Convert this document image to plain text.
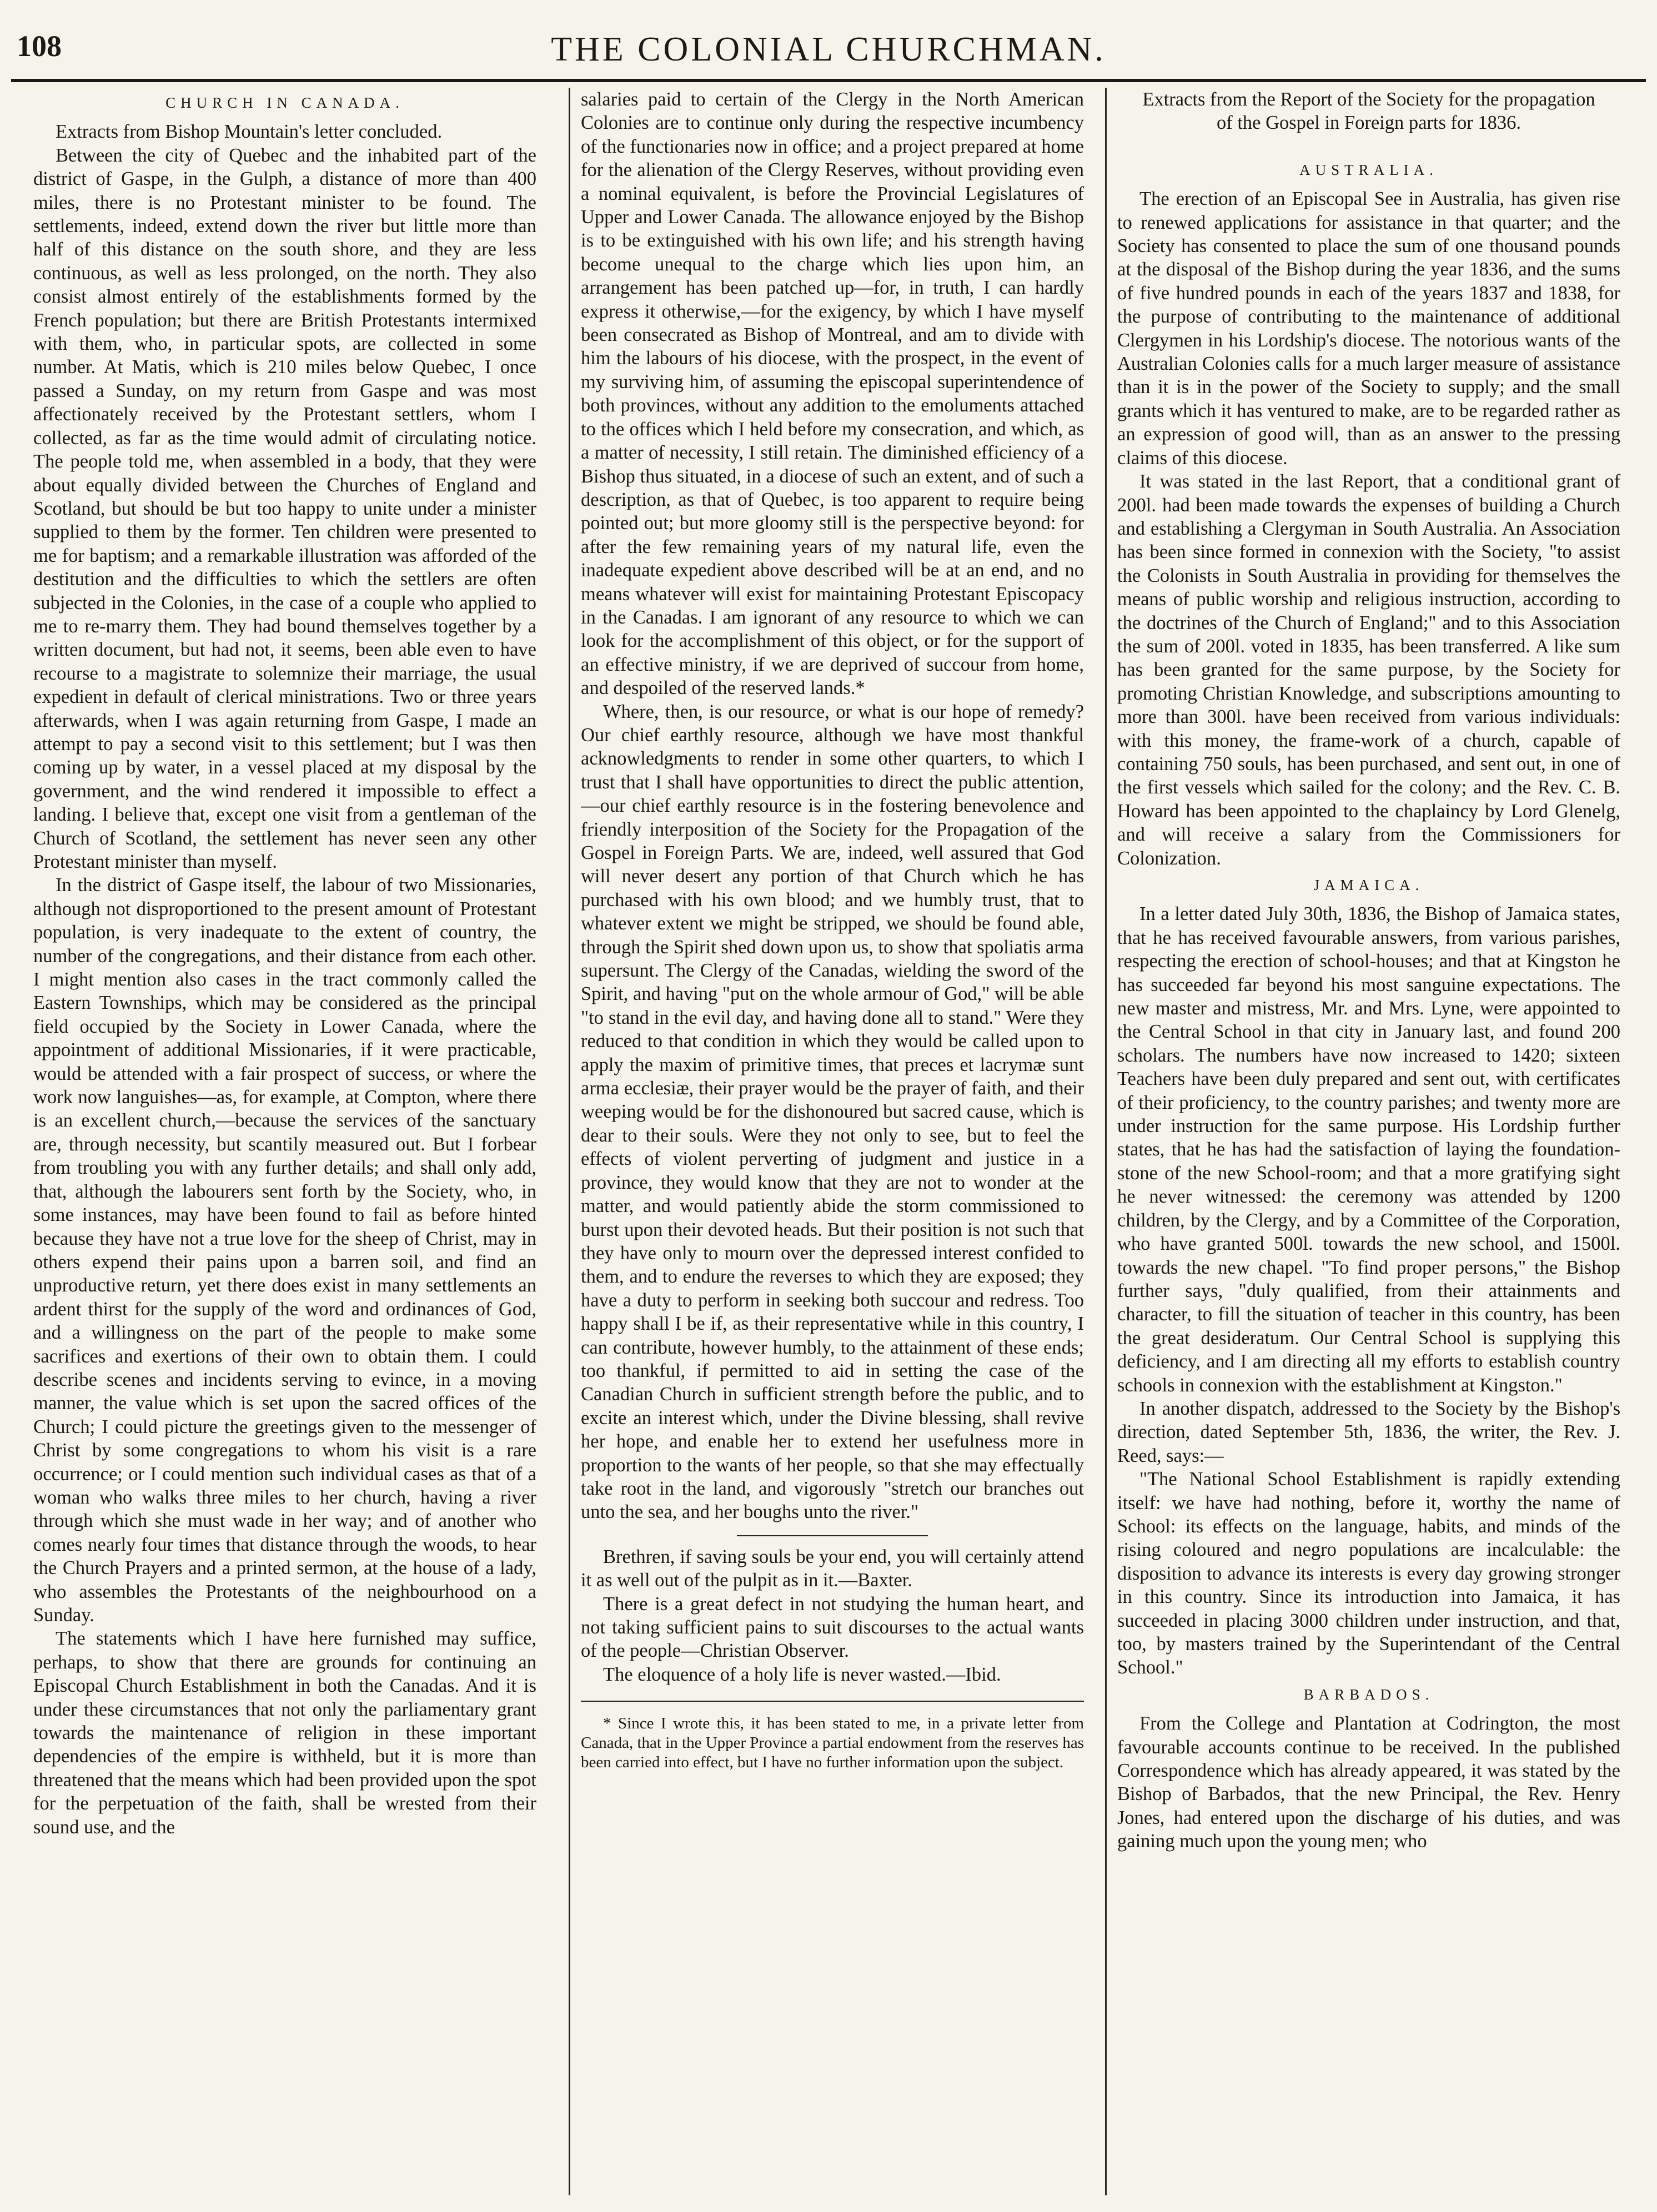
108	THE COLONIAL CHURCHMAN.
CHURCH IN CANADA.

Extracts from Bishop Mountain's letter concluded.

Between the city of Quebec and the inhabited part of the district of Gaspe, in the Gulph, a distance of more than 400 miles, there is no Protestant minister to be found. The settlements, indeed, extend down the river but little more than half of this distance on the south shore, and they are less continuous, as well as less prolonged, on the north. They also consist almost entirely of the establishments formed by the French population; but there are British Protestants intermixed with them, who, in particular spots, are collected in some number. At Matis, which is 210 miles below Quebec, I once passed a Sunday, on my return from Gaspe and was most affectionately received by the Protestant settlers, whom I collected, as far as the time would admit of circulating notice. The people told me, when assembled in a body, that they were about equally divided between the Churches of England and Scotland, but should be but too happy to unite under a minister supplied to them by the former. Ten children were presented to me for baptism; and a remarkable illustration was afforded of the destitution and the difficulties to which the settlers are often subjected in the Colonies, in the case of a couple who applied to me to re-marry them. They had bound themselves together by a written document, but had not, it seems, been able even to have recourse to a magistrate to solemnize their marriage, the usual expedient in default of clerical ministrations. Two or three years afterwards, when I was again returning from Gaspe, I made an attempt to pay a second visit to this settlement; but I was then coming up by water, in a vessel placed at my disposal by the government, and the wind rendered it impossible to effect a landing. I believe that, except one visit from a gentleman of the Church of Scotland, the settlement has never seen any other Protestant minister than myself.

In the district of Gaspe itself, the labour of two Missionaries, although not disproportioned to the present amount of Protestant population, is very inadequate to the extent of country, the number of the congregations, and their distance from each other. I might mention also cases in the tract commonly called the Eastern Townships, which may be considered as the principal field occupied by the Society in Lower Canada, where the appointment of additional Missionaries, if it were practicable, would be attended with a fair prospect of success, or where the work now languishes—as, for example, at Compton, where there is an excellent church,—because the services of the sanctuary are, through necessity, but scantily measured out. But I forbear from troubling you with any further details; and shall only add, that, although the labourers sent forth by the Society, who, in some instances, may have been found to fail as before hinted because they have not a true love for the sheep of Christ, may in others expend their pains upon a barren soil, and find an unproductive return, yet there does exist in many settlements an ardent thirst for the supply of the word and ordinances of God, and a willingness on the part of the people to make some sacrifices and exertions of their own to obtain them. I could describe scenes and incidents serving to evince, in a moving manner, the value which is set upon the sacred offices of the Church; I could picture the greetings given to the messenger of Christ by some congregations to whom his visit is a rare occurrence; or I could mention such individual cases as that of a woman who walks three miles to her church, having a river through which she must wade in her way; and of another who comes nearly four times that distance through the woods, to hear the Church Prayers and a printed sermon, at the house of a lady, who assembles the Protestants of the neighbourhood on a Sunday.

The statements which I have here furnished may suffice, perhaps, to show that there are grounds for continuing an Episcopal Church Establishment in both the Canadas. And it is under these circumstances that not only the parliamentary grant towards the maintenance of religion in these important dependencies of the empire is withheld, but it is more than threatened that the means which had been provided upon the spot for the perpetuation of the faith, shall be wrested from their sound use, and the

salaries paid to certain of the Clergy in the North American Colonies are to continue only during the respective incumbency of the functionaries now in office; and a project prepared at home for the alienation of the Clergy Reserves, without providing even a nominal equivalent, is before the Provincial Legislatures of Upper and Lower Canada. The allowance enjoyed by the Bishop is to be extinguished with his own life; and his strength having become unequal to the charge which lies upon him, an arrangement has been patched up—for, in truth, I can hardly express it otherwise,—for the exigency, by which I have myself been consecrated as Bishop of Montreal, and am to divide with him the labours of his diocese, with the prospect, in the event of my surviving him, of assuming the episcopal superintendence of both provinces, without any addition to the emoluments attached to the offices which I held before my consecration, and which, as a matter of necessity, I still retain. The diminished efficiency of a Bishop thus situated, in a diocese of such an extent, and of such a description, as that of Quebec, is too apparent to require being pointed out; but more gloomy still is the perspective beyond: for after the few remaining years of my natural life, even the inadequate expedient above described will be at an end, and no means whatever will exist for maintaining Protestant Episcopacy in the Canadas. I am ignorant of any resource to which we can look for the accomplishment of this object, or for the support of an effective ministry, if we are deprived of succour from home, and despoiled of the reserved lands.*

Where, then, is our resource, or what is our hope of remedy? Our chief earthly resource, although we have most thankful acknowledgments to render in some other quarters, to which I trust that I shall have opportunities to direct the public attention,—our chief earthly resource is in the fostering benevolence and friendly interposition of the Society for the Propagation of the Gospel in Foreign Parts. We are, indeed, well assured that God will never desert any portion of that Church which he has purchased with his own blood; and we humbly trust, that to whatever extent we might be stripped, we should be found able, through the Spirit shed down upon us, to show that spoliatis arma supersunt. The Clergy of the Canadas, wielding the sword of the Spirit, and having "put on the whole armour of God," will be able "to stand in the evil day, and having done all to stand." Were they reduced to that condition in which they would be called upon to apply the maxim of primitive times, that preces et lacrymæ sunt arma ecclesiæ, their prayer would be the prayer of faith, and their weeping would be for the dishonoured but sacred cause, which is dear to their souls. Were they not only to see, but to feel the effects of violent perverting of judgment and justice in a province, they would know that they are not to wonder at the matter, and would patiently abide the storm commissioned to burst upon their devoted heads. But their position is not such that they have only to mourn over the depressed interest confided to them, and to endure the reverses to which they are exposed; they have a duty to perform in seeking both succour and redress. Too happy shall I be if, as their representative while in this country, I can contribute, however humbly, to the attainment of these ends; too thankful, if permitted to aid in setting the case of the Canadian Church in sufficient strength before the public, and to excite an interest which, under the Divine blessing, shall revive her hope, and enable her to extend her usefulness more in proportion to the wants of her people, so that she may effectually take root in the land, and vigorously "stretch our branches out unto the sea, and her boughs unto the river."

Brethren, if saving souls be your end, you will certainly attend it as well out of the pulpit as in it.—Baxter.

There is a great defect in not studying the human heart, and not taking sufficient pains to suit discourses to the actual wants of the people—Christian Observer.

The eloquence of a holy life is never wasted.—Ibid.

* Since I wrote this, it has been stated to me, in a private letter from Canada, that in the Upper Province a partial endowment from the reserves has been carried into effect, but I have no further information upon the subject.

Extracts from the Report of the Society for the propagation of the Gospel in Foreign parts for 1836.

AUSTRALIA.

The erection of an Episcopal See in Australia, has given rise to renewed applications for assistance in that quarter; and the Society has consented to place the sum of one thousand pounds at the disposal of the Bishop during the year 1836, and the sums of five hundred pounds in each of the years 1837 and 1838, for the purpose of contributing to the maintenance of additional Clergymen in his Lordship's diocese. The notorious wants of the Australian Colonies calls for a much larger measure of assistance than it is in the power of the Society to supply; and the small grants which it has ventured to make, are to be regarded rather as an expression of good will, than as an answer to the pressing claims of this diocese.

It was stated in the last Report, that a conditional grant of 200l. had been made towards the expenses of building a Church and establishing a Clergyman in South Australia. An Association has been since formed in connexion with the Society, "to assist the Colonists in South Australia in providing for themselves the means of public worship and religious instruction, according to the doctrines of the Church of England;" and to this Association the sum of 200l. voted in 1835, has been transferred. A like sum has been granted for the same purpose, by the Society for promoting Christian Knowledge, and subscriptions amounting to more than 300l. have been received from various individuals: with this money, the frame-work of a church, capable of containing 750 souls, has been purchased, and sent out, in one of the first vessels which sailed for the colony; and the Rev. C. B. Howard has been appointed to the chaplaincy by Lord Glenelg, and will receive a salary from the Commissioners for Colonization.

JAMAICA.

In a letter dated July 30th, 1836, the Bishop of Jamaica states, that he has received favourable answers, from various parishes, respecting the erection of school-houses; and that at Kingston he has succeeded far beyond his most sanguine expectations. The new master and mistress, Mr. and Mrs. Lyne, were appointed to the Central School in that city in January last, and found 200 scholars. The numbers have now increased to 1420; sixteen Teachers have been duly prepared and sent out, with certificates of their proficiency, to the country parishes; and twenty more are under instruction for the same purpose. His Lordship further states, that he has had the satisfaction of laying the foundation-stone of the new School-room; and that a more gratifying sight he never witnessed: the ceremony was attended by 1200 children, by the Clergy, and by a Committee of the Corporation, who have granted 500l. towards the new school, and 1500l. towards the new chapel. "To find proper persons," the Bishop further says, "duly qualified, from their attainments and character, to fill the situation of teacher in this country, has been the great desideratum. Our Central School is supplying this deficiency, and I am directing all my efforts to establish country schools in connexion with the establishment at Kingston."

In another dispatch, addressed to the Society by the Bishop's direction, dated September 5th, 1836, the writer, the Rev. J. Reed, says:—

"The National School Establishment is rapidly extending itself: we have had nothing, before it, worthy the name of School: its effects on the language, habits, and minds of the rising coloured and negro populations are incalculable: the disposition to advance its interests is every day growing stronger in this country. Since its introduction into Jamaica, it has succeeded in placing 3000 children under instruction, and that, too, by masters trained by the Superintendant of the Central School."

BARBADOS.

From the College and Plantation at Codrington, the most favourable accounts continue to be received. In the published Correspondence which has already appeared, it was stated by the Bishop of Barbados, that the new Principal, the Rev. Henry Jones, had entered upon the discharge of his duties, and was gaining much upon the young men; who
